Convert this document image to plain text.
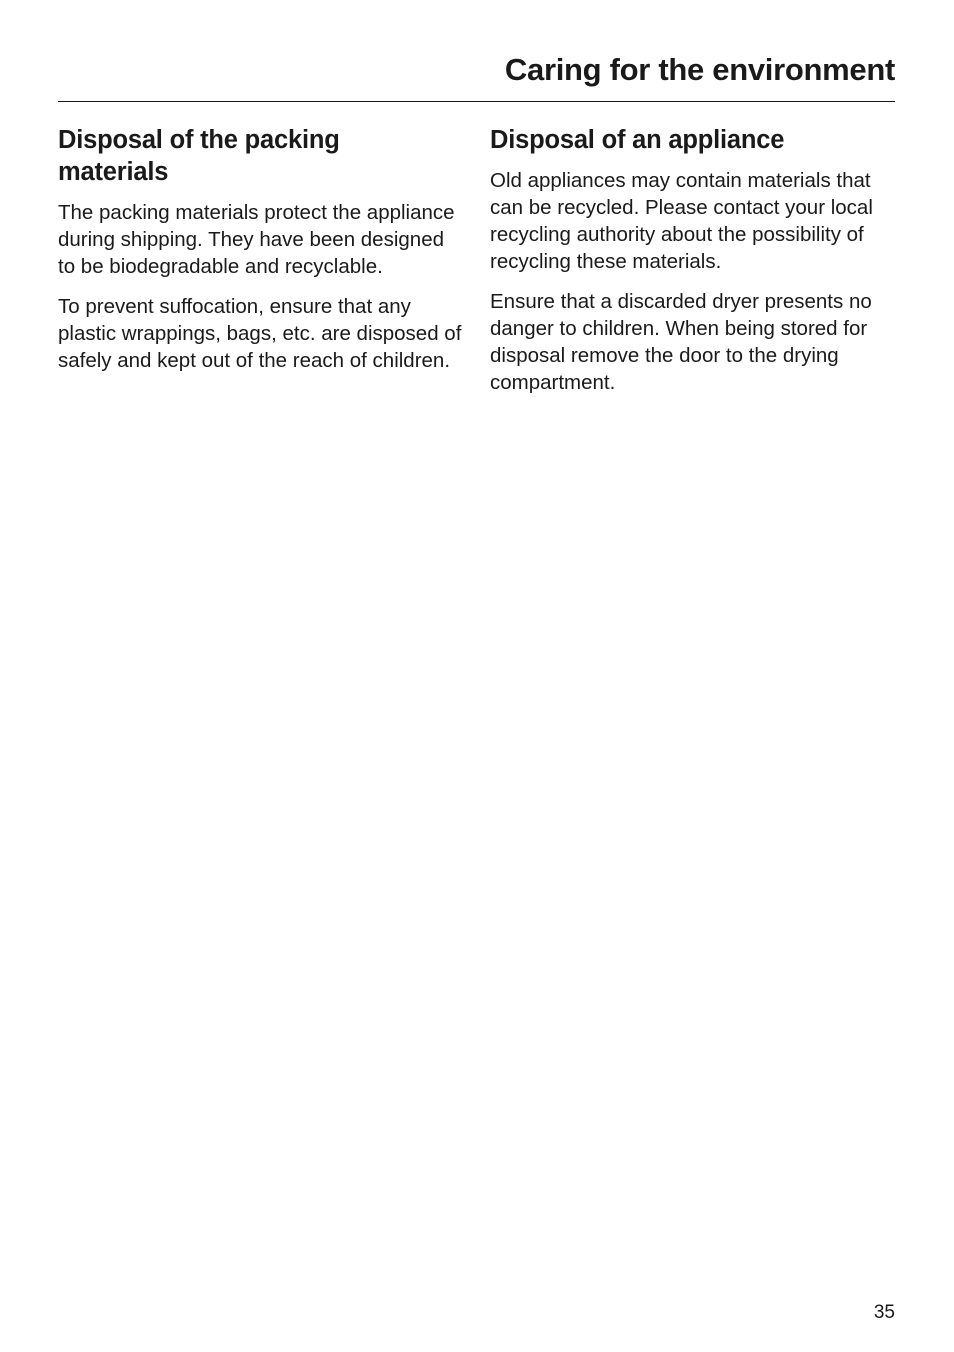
Caring for the environment
Disposal of the packing
materials

The packing materials protect the appliance during shipping. They have been designed to be biodegradable and recyclable.

To prevent suffocation, ensure that any plastic wrappings, bags, etc. are disposed of safely and kept out of the reach of children.

Disposal of an appliance

Old appliances may contain materials that can be recycled. Please contact your local recycling authority about the possibility of recycling these materials.

Ensure that a discarded dryer presents no danger to children. When being stored for disposal remove the door to the drying compartment.

35
